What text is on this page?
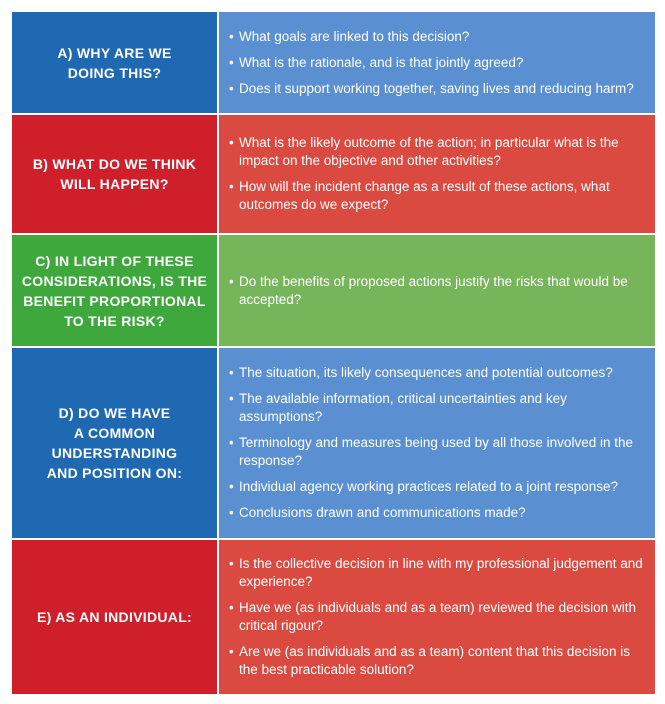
A) WHY ARE WE
DOING THIS?
• What goals are linked to this decision?
• What is the rationale, and is that jointly agreed?
• Does it support working together, saving lives and reducing harm?
B) WHAT DO WE THINK
WILL HAPPEN?
• What is the likely outcome of the action; in particular what is the impact on the objective and other activities?
• How will the incident change as a result of these actions, what outcomes do we expect?
C) IN LIGHT OF THESE
CONSIDERATIONS, IS THE
BENEFIT PROPORTIONAL
TO THE RISK?
• Do the benefits of proposed actions justify the risks that would be accepted?
D) DO WE HAVE
A COMMON
UNDERSTANDING
AND POSITION ON:
• The situation, its likely consequences and potential outcomes?
• The available information, critical uncertainties and key assumptions?
• Terminology and measures being used by all those involved in the response?
• Individual agency working practices related to a joint response?
• Conclusions drawn and communications made?
E) AS AN INDIVIDUAL:
• Is the collective decision in line with my professional judgement and experience?
• Have we (as individuals and as a team) reviewed the decision with critical rigour?
• Are we (as individuals and as a team) content that this decision is the best practicable solution?
